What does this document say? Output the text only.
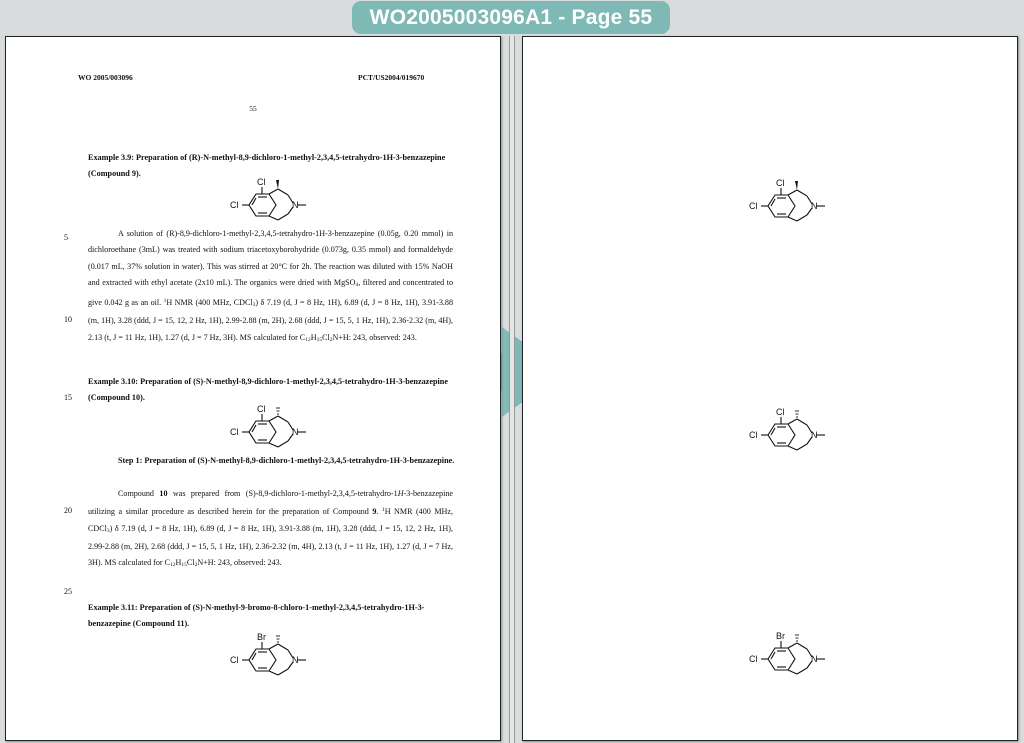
WO2005003096A1 - Page 55
WO 2005/003096	PCT/US2004/019670
55
Example 3.9: Preparation of (R)-N-methyl-8,9-dichloro-1-methyl-2,3,4,5-tetrahydro-1H-3-benzazepine (Compound 9).
Cl
Cl	N
5	A solution of (R)-8,9-dichloro-1-methyl-2,3,4,5-tetrahydro-1H-3-benzazepine (0.05g, 0.20 mmol) in dichloroethane (3mL) was treated with sodium triacetoxyborohydride (0.073g, 0.35 mmol) and formaldehyde (0.017 mL, 37% solution in water). This was stirred at 20°C for 2h. The reaction was diluted with 15% NaOH and extracted with ethyl acetate (2x10 mL). The organics were dried with MgSO$_4$, filtered and concentrated to give 0.042 g as an oil. $^1$H NMR (400 MHz, CDCl$_3$) δ 7.19 (d, J = 8 Hz, 1H), 6.89 (d, J = 8 Hz, 1H), 3.91-3.88 (m, 1H), 3.28 (ddd, J = 15, 12, 2 Hz, 1H), 2.99-2.88 (m, 2H), 2.68 (ddd, J = 15, 5, 1 Hz, 1H), 2.36-2.32 (m, 4H), 2.13 (t, J = 11 Hz, 1H), 1.27 (d, J = 7 Hz, 3H). MS calculated for $C_{12}H_{15}Cl_2N+H$: 243, observed: 243.
10
Example 3.10: Preparation of (S)-N-methyl-8,9-dichloro-1-methyl-2,3,4,5-tetrahydro-1H-3-benzazepine (Compound 10).
15
Cl
Cl	N
Step 1: Preparation of (S)-N-methyl-8,9-dichloro-1-methyl-2,3,4,5-tetrahydro-1H-3-benzazepine.
Compound 10 was prepared from (S)-8,9-dichloro-1-methyl-2,3,4,5-tetrahydro-1H-3-benzazepine utilizing a similar procedure as described herein for the preparation of Compound 9. $^1$H NMR (400 MHz, CDCl$_3$) δ 7.19 (d, J = 8 Hz, 1H), 6.89 (d, J = 8 Hz, 1H), 3.91-3.88 (m, 1H), 3.28 (ddd, J = 15, 12, 2 Hz, 1H), 2.99-2.88 (m, 2H), 2.68 (ddd, J = 15, 5, 1 Hz, 1H), 2.36-2.32 (m, 4H), 2.13 (t, J = 11 Hz, 1H), 1.27 (d, J = 7 Hz, 3H). MS calculated for $C_{12}H_{15}Cl_2N+H$: 243, observed: 243.
20
25
Example 3.11: Preparation of (S)-N-methyl-9-bromo-8-chloro-1-methyl-2,3,4,5-tetrahydro-1H-3-benzazepine (Compound 11).
Br
Cl	N
Cl
Cl	N
Cl
Cl	N
Br
Cl	N
